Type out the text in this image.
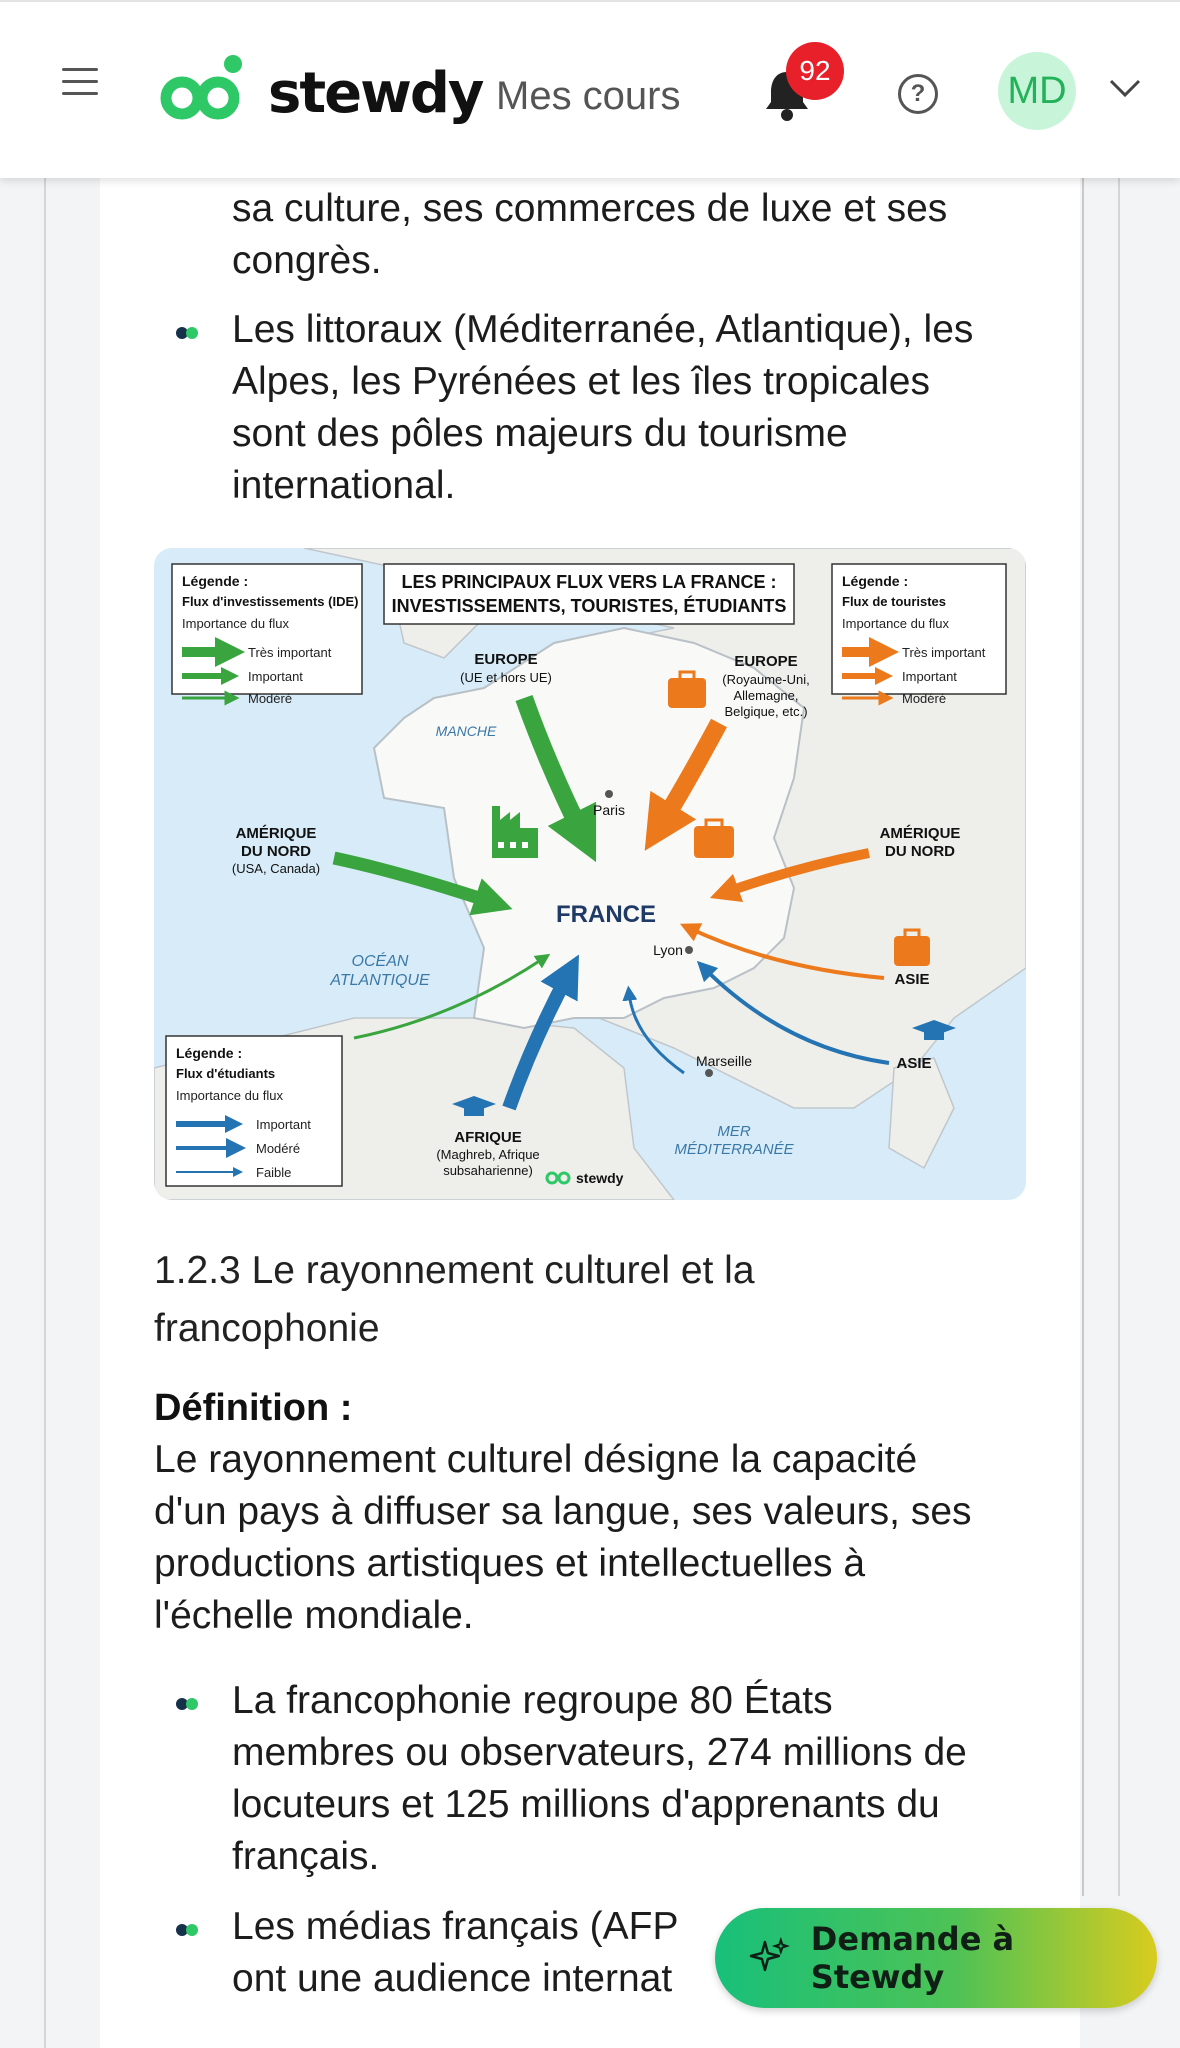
stewdy Mes cours
92
?	MD
sa culture, ses commerces de luxe et ses
congrès.
Les littoraux (Méditerranée, Atlantique), les
Alpes, les Pyrénées et les îles tropicales
sont des pôles majeurs du tourisme
international.
LES PRINCIPAUX FLUX VERS LA FRANCE :
INVESTISSEMENTS, TOURISTES, ÉTUDIANTS
Légende :
Flux d'investissements (IDE)
Importance du flux
Très important
Important
Modéré
Légende :
Flux de touristes
Importance du flux
Très important
Important
Modéré
Légende :
Flux d'étudiants
Importance du flux
Important
Modéré
Faible
EUROPE
(UE et hors UE)
EUROPE
(Royaume-Uni,
Allemagne,
Belgique, etc.)
MANCHE
Paris
AMÉRIQUE
DU NORD
(USA, Canada)
AMÉRIQUE
DU NORD
FRANCE
Lyon
OCÉAN
ATLANTIQUE	ASIE
ASIE
Marseille
AFRIQUE
(Maghreb, Afrique
subsaharienne)
MER
MÉDITERRANÉE
stewdy
1.2.3 Le rayonnement culturel et la
francophonie
Définition :
Le rayonnement culturel désigne la capacité
d'un pays à diffuser sa langue, ses valeurs, ses
productions artistiques et intellectuelles à
l'échelle mondiale.
La francophonie regroupe 80 États
membres ou observateurs, 274 millions de
locuteurs et 125 millions d'apprenants du
français.
Les médias français (AFP
ont une audience internat
Demande à Stewdy
